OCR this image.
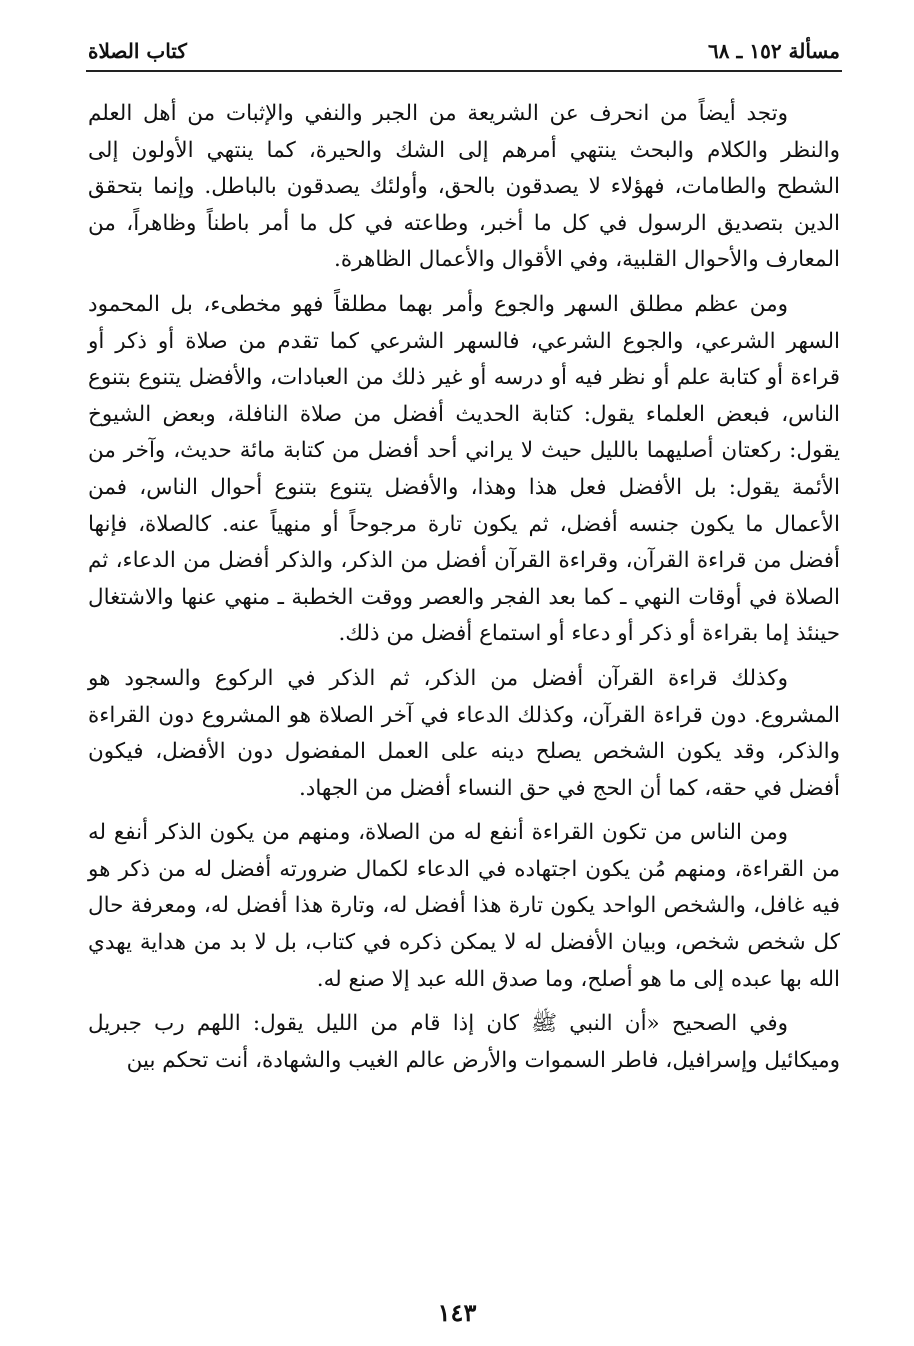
مسألة ١٥٢ ـ ٦٨
كتاب الصلاة

وتجد أيضاً من انحرف عن الشريعة من الجبر والنفي والإثبات من أهل العلم والنظر والكلام والبحث ينتهي أمرهم إلى الشك والحيرة، كما ينتهي الأولون إلى الشطح والطامات، فهؤلاء لا يصدقون بالحق، وأولئك يصدقون بالباطل. وإنما بتحقق الدين بتصديق الرسول في كل ما أخبر، وطاعته في كل ما أمر باطناً وظاهراً، من المعارف والأحوال القلبية، وفي الأقوال والأعمال الظاهرة.

ومن عظم مطلق السهر والجوع وأمر بهما مطلقاً فهو مخطىء، بل المحمود السهر الشرعي، والجوع الشرعي، فالسهر الشرعي كما تقدم من صلاة أو ذكر أو قراءة أو كتابة علم أو نظر فيه أو درسه أو غير ذلك من العبادات، والأفضل يتنوع بتنوع الناس، فبعض العلماء يقول: كتابة الحديث أفضل من صلاة النافلة، وبعض الشيوخ يقول: ركعتان أصليهما بالليل حيث لا يراني أحد أفضل من كتابة مائة حديث، وآخر من الأئمة يقول: بل الأفضل فعل هذا وهذا، والأفضل يتنوع بتنوع أحوال الناس، فمن الأعمال ما يكون جنسه أفضل، ثم يكون تارة مرجوحاً أو منهياً عنه. كالصلاة، فإنها أفضل من قراءة القرآن، وقراءة القرآن أفضل من الذكر، والذكر أفضل من الدعاء، ثم الصلاة في أوقات النهي ـ كما بعد الفجر والعصر ووقت الخطبة ـ منهي عنها والاشتغال حينئذ إما بقراءة أو ذكر أو دعاء أو استماع أفضل من ذلك.

وكذلك قراءة القرآن أفضل من الذكر، ثم الذكر في الركوع والسجود هو المشروع. دون قراءة القرآن، وكذلك الدعاء في آخر الصلاة هو المشروع دون القراءة والذكر، وقد يكون الشخص يصلح دينه على العمل المفضول دون الأفضل، فيكون أفضل في حقه، كما أن الحج في حق النساء أفضل من الجهاد.

ومن الناس من تكون القراءة أنفع له من الصلاة، ومنهم من يكون الذكر أنفع له من القراءة، ومنهم مُن يكون اجتهاده في الدعاء لكمال ضرورته أفضل له من ذكر هو فيه غافل، والشخص الواحد يكون تارة هذا أفضل له، وتارة هذا أفضل له، ومعرفة حال كل شخص شخص، وبيان الأفضل له لا يمكن ذكره في كتاب، بل لا بد من هداية يهدي الله بها عبده إلى ما هو أصلح، وما صدق الله عبد إلا صنع له.

وفي الصحيح «أن النبي ﷺ كان إذا قام من الليل يقول: اللهم رب جبريل وميكائيل وإسرافيل، فاطر السموات والأرض عالم الغيب والشهادة، أنت تحكم بين

١٤٣
